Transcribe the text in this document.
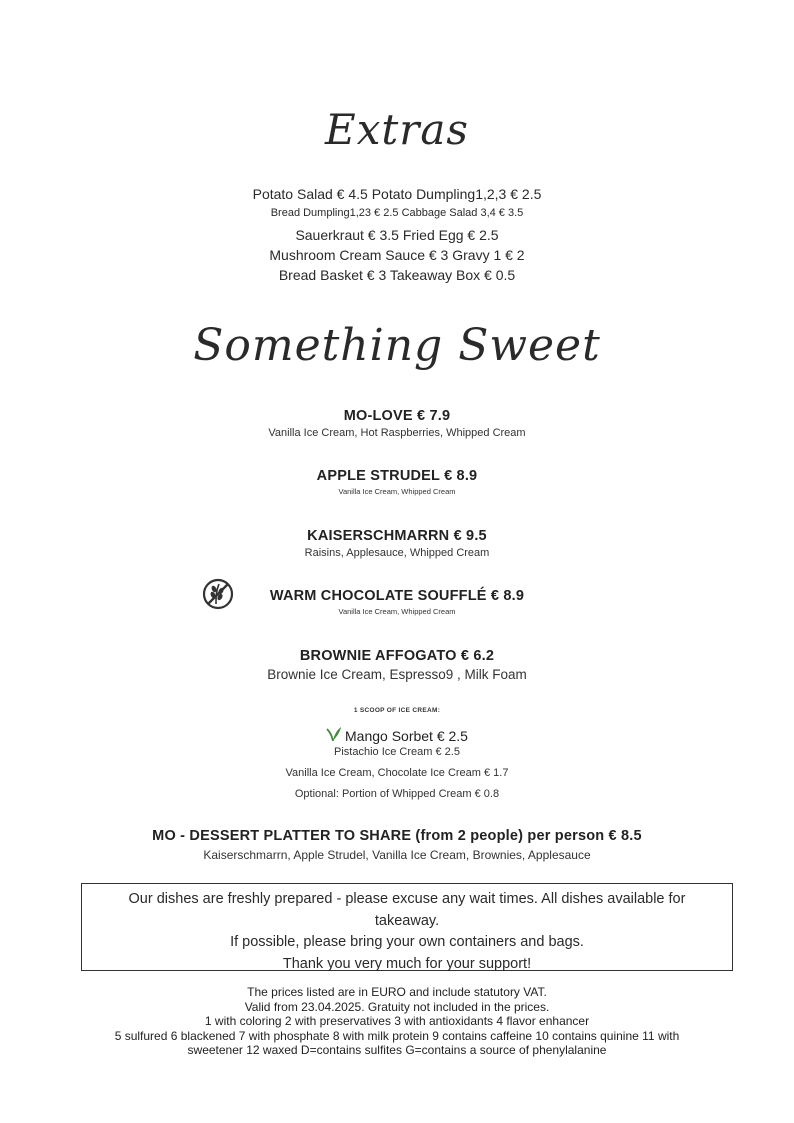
Extras
Potato Salad € 4.5 Potato Dumpling1,2,3 € 2.5
Bread Dumpling1,23 € 2.5 Cabbage Salad 3,4 € 3.5
Sauerkraut € 3.5 Fried Egg € 2.5
Mushroom Cream Sauce € 3 Gravy 1 € 2
Bread Basket € 3 Takeaway Box € 0.5
Something Sweet
MO-LOVE € 7.9
Vanilla Ice Cream, Hot Raspberries, Whipped Cream
APPLE STRUDEL € 8.9
Vanilla Ice Cream, Whipped Cream
KAISERSCHMARRN € 9.5
Raisins, Applesauce, Whipped Cream
WARM CHOCOLATE SOUFFLÉ € 8.9
Vanilla Ice Cream, Whipped Cream
BROWNIE AFFOGATO € 6.2
Brownie Ice Cream, Espresso9 , Milk Foam
1 SCOOP OF ICE CREAM:
Mango Sorbet € 2.5
Pistachio Ice Cream € 2.5
Vanilla Ice Cream, Chocolate Ice Cream € 1.7
Optional: Portion of Whipped Cream € 0.8
MO - DESSERT PLATTER TO SHARE (from 2 people) per person € 8.5
Kaiserschmarrn, Apple Strudel, Vanilla Ice Cream, Brownies, Applesauce

Our dishes are freshly prepared - please excuse any wait times. All dishes available for takeaway.

If possible, please bring your own containers and bags.

Thank you very much for your support!

The prices listed are in EURO and include statutory VAT.
Valid from 23.04.2025. Gratuity not included in the prices.
1 with coloring 2 with preservatives 3 with antioxidants 4 flavor enhancer
5 sulfured 6 blackened 7 with phosphate 8 with milk protein 9 contains caffeine 10 contains quinine 11 with
sweetener 12 waxed D=contains sulfites G=contains a source of phenylalanine
